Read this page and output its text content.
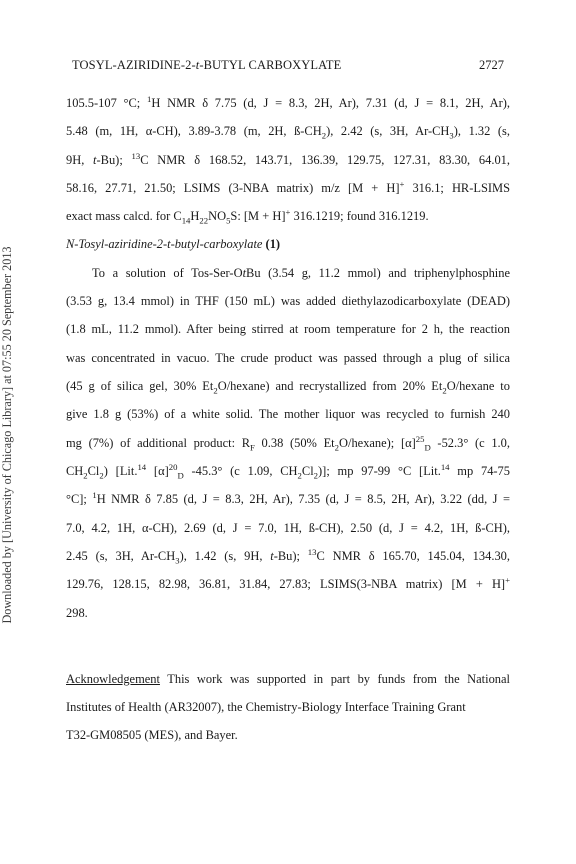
Downloaded by [University of Chicago Library] at 07:55 20 September 2013
TOSYL-AZIRIDINE-2-t-BUTYL CARBOXYLATE	2727
105.5-107 °C; $^1$H NMR δ 7.75 (d, J = 8.3, 2H, Ar), 7.31 (d, J = 8.1, 2H, Ar),
5.48 (m, 1H, α-CH), 3.89-3.78 (m, 2H, $ß-CH_2$), 2.42 (s, 3H, $Ar-CH_3$), 1.32 (s,
9H, t-Bu); $^{13}$C NMR δ 168.52, 143.71, 136.39, 129.75, 127.31, 83.30, 64.01,
58.16, 27.71, 21.50; LSIMS (3-NBA matrix) m/z [M + H]+ 316.1; HR-LSIMS
exact mass calcd. for $C_{14}H_{22}NO_5S$: [M + H]+ 316.1219; found 316.1219.
N-Tosyl-aziridine-2-t-butyl-carboxylate (1)
To a solution of Tos-Ser-OtBu (3.54 g, 11.2 mmol) and triphenylphosphine
(3.53 g, 13.4 mmol) in THF (150 mL) was added diethylazodicarboxylate (DEAD)
(1.8 mL, 11.2 mmol). After being stirred at room temperature for 2 h, the reaction
was concentrated in vacuo. The crude product was passed through a plug of silica
(45 g of silica gel, 30% $Et_2O/hexane$) and recrystallized from 20% $Et_2O$/hexane to
give 1.8 g (53%) of a white solid. The mother liquor was recycled to furnish 240
mg (7%) of additional product: $R_F$ 0.38 (50% $Et_2O/hexane$); $[\alpha]^{25}_D$ -52.3° (c 1.0,
$CH_2Cl_2$) [Lit.$^{14}$ $[\alpha]^{20}_D$ -45.3° (c 1.09, $CH_2Cl_2$)]; mp 97-99 °C [Lit.$^{14}$ mp 74-75
°C]; $^1$H NMR δ 7.85 (d, J = 8.3, 2H, Ar), 7.35 (d, J = 8.5, 2H, Ar), 3.22 (dd, J =
7.0, 4.2, 1H, α-CH), 2.69 (d, J = 7.0, 1H, ß-CH), 2.50 (d, J = 4.2, 1H, ß-CH),
2.45 (s, 3H, $Ar-CH_3$), 1.42 (s, 9H, t-Bu); $^{13}$C NMR δ 165.70, 145.04, 134.30,
129.76, 128.15, 82.98, 36.81, 31.84, 27.83; LSIMS(3-NBA matrix) [M + H]+
298.
Acknowledgement This work was supported in part by funds from the National
Institutes of Health (AR32007), the Chemistry-Biology Interface Training Grant
T32-GM08505 (MES), and Bayer.
